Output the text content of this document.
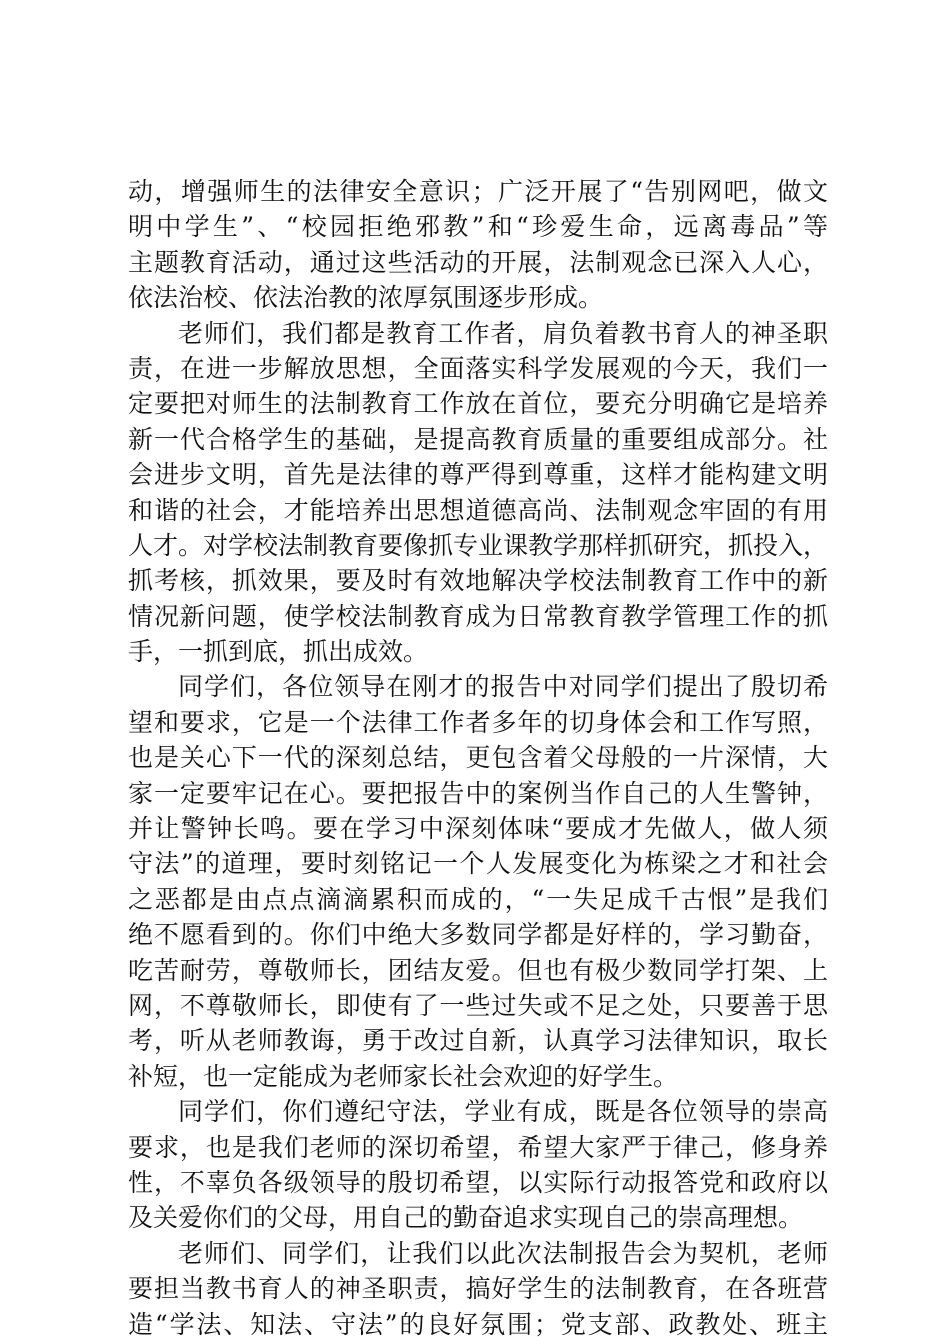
动，增强师生的法律安全意识；广泛开展了“告别网吧，做文
明中学生”、“校园拒绝邪教”和“珍爱生命，远离毒品”等
主题教育活动，通过这些活动的开展，法制观念已深入人心，
依法治校、依法治教的浓厚氛围逐步形成。

老师们，我们都是教育工作者，肩负着教书育人的神圣职
责，在进一步解放思想，全面落实科学发展观的今天，我们一
定要把对师生的法制教育工作放在首位，要充分明确它是培养
新一代合格学生的基础，是提高教育质量的重要组成部分。社
会进步文明，首先是法律的尊严得到尊重，这样才能构建文明
和谐的社会，才能培养出思想道德高尚、法制观念牢固的有用
人才。对学校法制教育要像抓专业课教学那样抓研究，抓投入，
抓考核，抓效果，要及时有效地解决学校法制教育工作中的新
情况新问题，使学校法制教育成为日常教育教学管理工作的抓
手，一抓到底，抓出成效。

同学们，各位领导在刚才的报告中对同学们提出了殷切希
望和要求，它是一个法律工作者多年的切身体会和工作写照，
也是关心下一代的深刻总结，更包含着父母般的一片深情，大
家一定要牢记在心。要把报告中的案例当作自己的人生警钟，
并让警钟长鸣。要在学习中深刻体味“要成才先做人，做人须
守法”的道理，要时刻铭记一个人发展变化为栋梁之才和社会
之恶都是由点点滴滴累积而成的，“一失足成千古恨”是我们
绝不愿看到的。你们中绝大多数同学都是好样的，学习勤奋，
吃苦耐劳，尊敬师长，团结友爱。但也有极少数同学打架、上
网，不尊敬师长，即使有了一些过失或不足之处，只要善于思
考，听从老师教诲，勇于改过自新，认真学习法律知识，取长
补短，也一定能成为老师家长社会欢迎的好学生。

同学们，你们遵纪守法，学业有成，既是各位领导的崇高
要求，也是我们老师的深切希望，希望大家严于律己，修身养
性，不辜负各级领导的殷切希望，以实际行动报答党和政府以
及关爱你们的父母，用自己的勤奋追求实现自己的崇高理想。

老师们、同学们，让我们以此次法制报告会为契机，老师
要担当教书育人的神圣职责，搞好学生的法制教育，在各班营
造“学法、知法、守法”的良好氛围；党支部、政教处、班主
